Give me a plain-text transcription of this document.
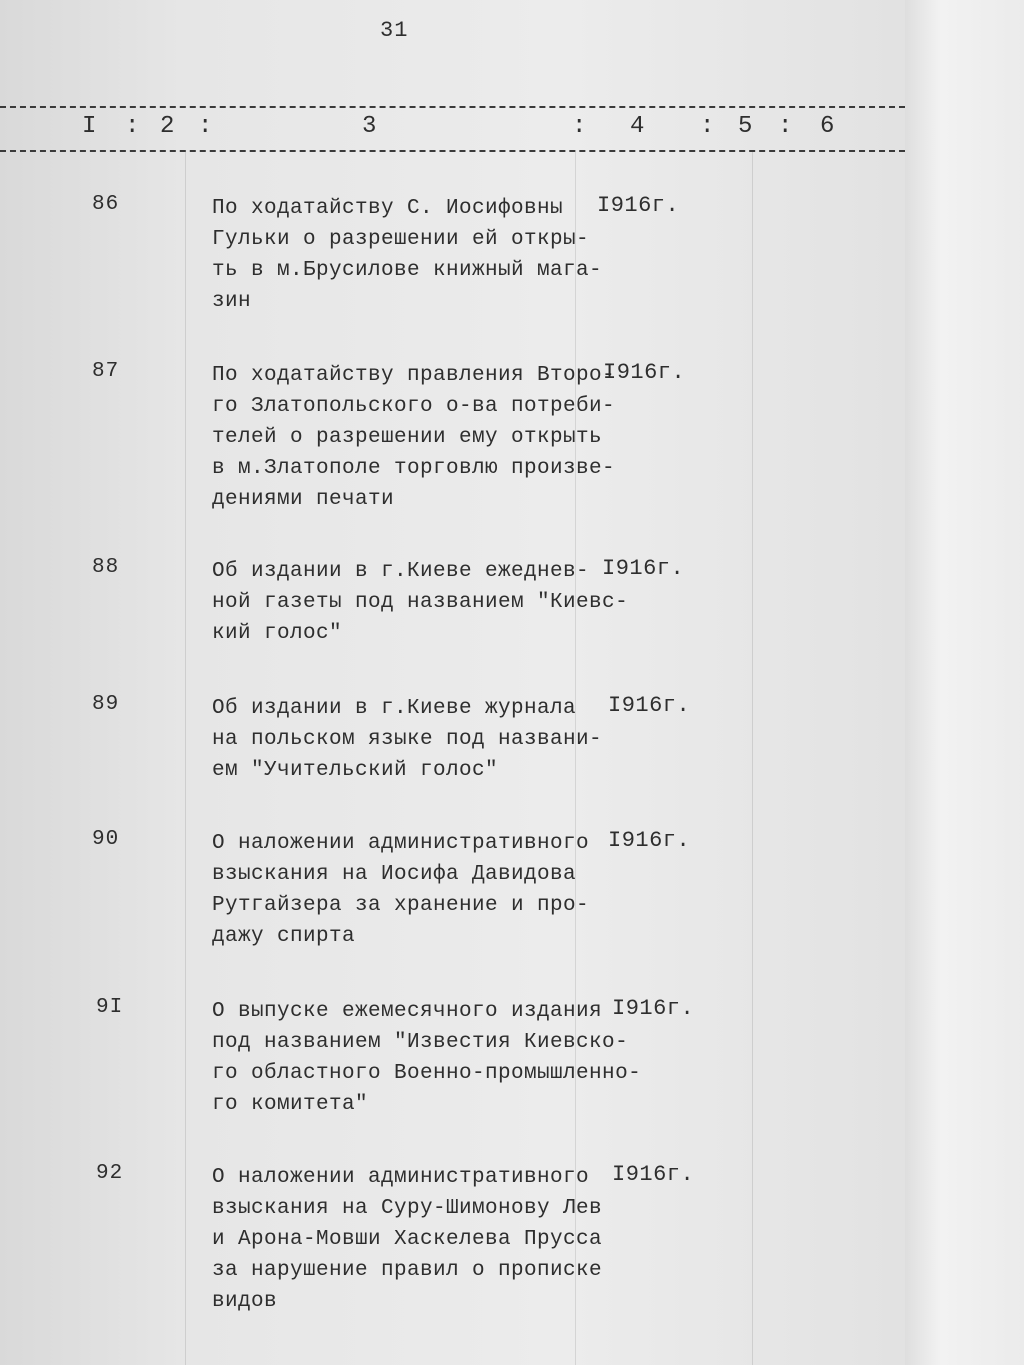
31
I : 2 :	3	: 4 : 5 : 6
86	По ходатайству С. Иосифовны
Гульки о разрешении ей откры-
ть в м.Брусилове книжный мага-
зин
I916г.
87	По ходатайству правления Второ-
го Златопольского о-ва потреби-
телей о разрешении ему открыть
в м.Златополе торговлю произве-
дениями печати
I916г.
88	Об издании в г.Киеве ежеднев-
ной газеты под названием "Киевс-
кий голос"
I916г.
89	Об издании в г.Киеве журнала
на польском языке под названи-
ем "Учительский голос"
I916г.
90	О наложении административного
взыскания на Иосифа Давидова
Рутгайзера за хранение и про-
дажу спирта
I916г.
9I	О выпуске ежемесячного издания
под названием "Известия Киевско-
го областного Военно-промышленно-
го комитета"
I916г.
92	О наложении административного
взыскания на Суру-Шимонову Лев
и Арона-Мовши Хаскелева Прусса
за нарушение правил о прописке
видов
I916г.
